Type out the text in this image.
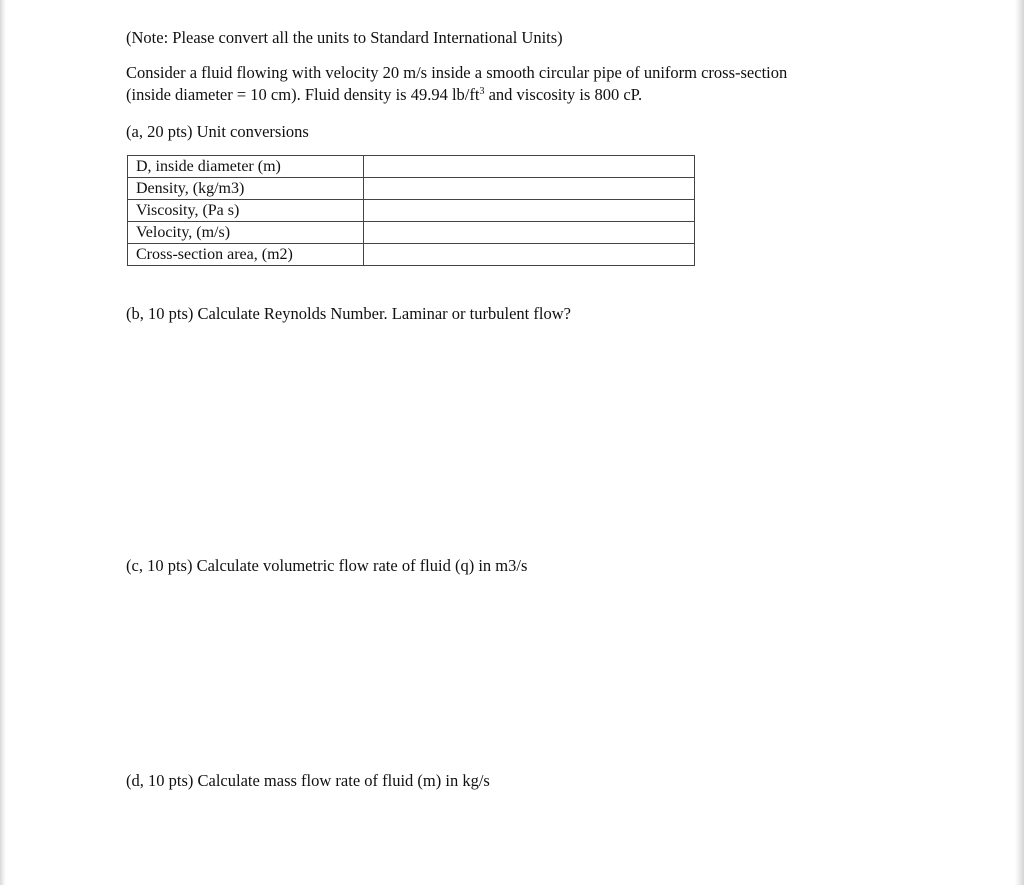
(Note: Please convert all the units to Standard International Units)
Consider a fluid flowing with velocity 20 m/s inside a smooth circular pipe of uniform cross-section
(inside diameter = 10 cm). Fluid density is 49.94 $lb/ft^3$ and viscosity is 800 cP.
(a, 20 pts) Unit conversions
D, inside diameter (m)	
Density, (kg/m3)	
Viscosity, (Pa s)	
Velocity, (m/s)	
Cross-section area, (m2)	
(b, 10 pts) Calculate Reynolds Number. Laminar or turbulent flow?
(c, 10 pts) Calculate volumetric flow rate of fluid (q) in m3/s
(d, 10 pts) Calculate mass flow rate of fluid (m) in kg/s
